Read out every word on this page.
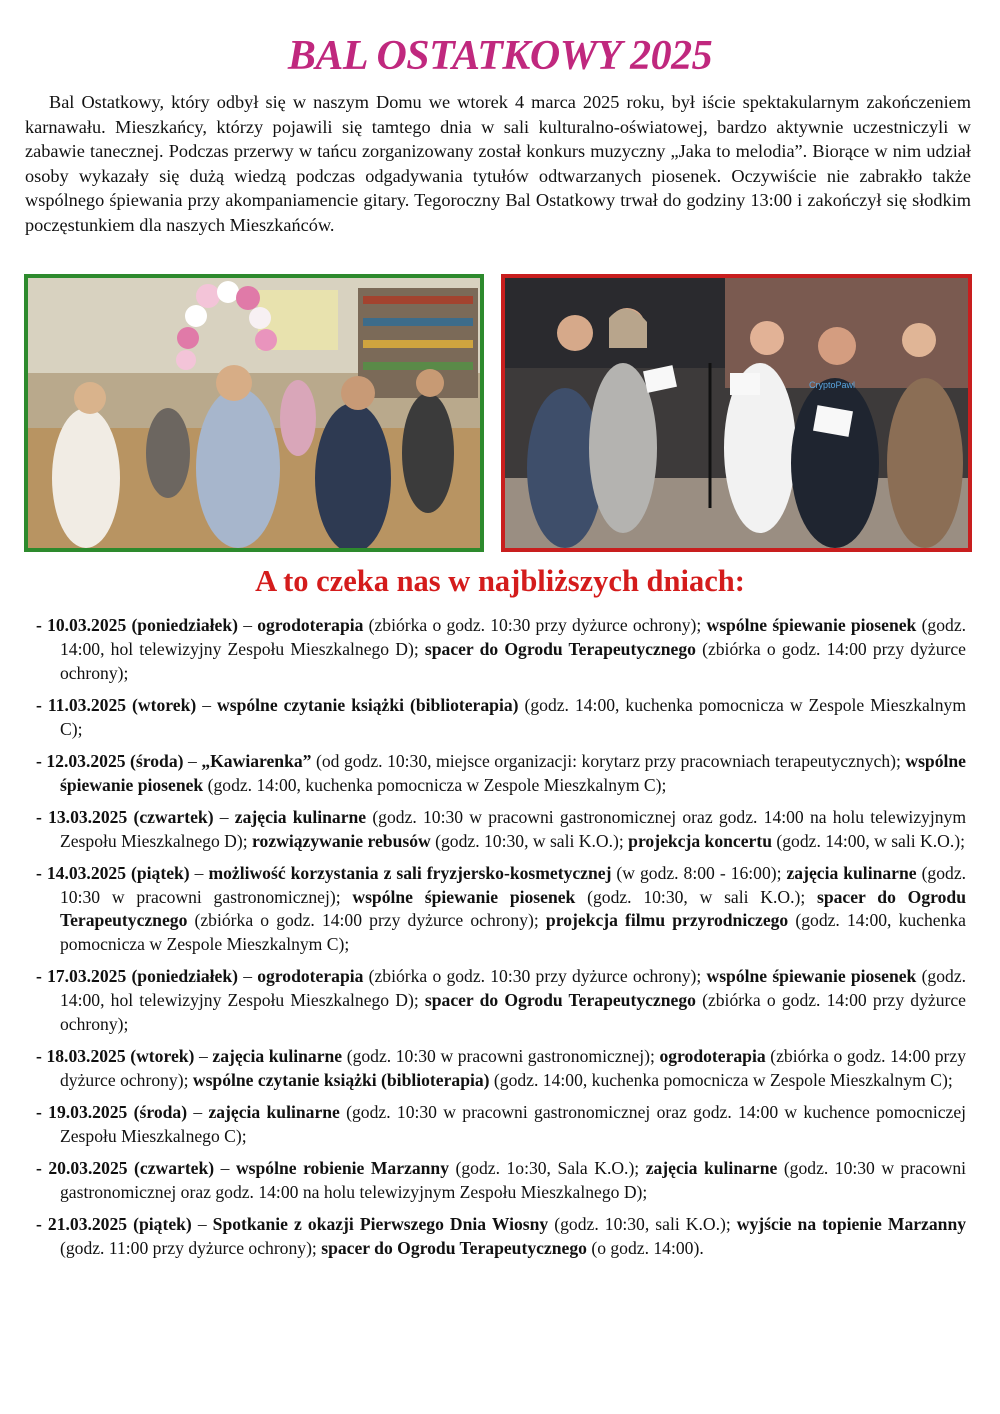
BAL OSTATKOWY 2025

Bal Ostatkowy, który odbył się w naszym Domu we wtorek 4 marca 2025 roku, był iście spektakularnym zakończeniem karnawału. Mieszkańcy, którzy pojawili się tamtego dnia w sali kulturalno-oświatowej, bardzo aktywnie uczestniczyli w zabawie tanecznej. Podczas przerwy w tańcu zorganizowany został konkurs muzyczny „Jaka to melodia”. Biorące w nim udział osoby wykazały się dużą wiedzą podczas odgadywania tytułów odtwarzanych piosenek. Oczywiście nie zabrakło także wspólnego śpiewania przy akompaniamencie gitary. Tegoroczny Bal Ostatkowy trwał do godziny 13:00 i zakończył się słodkim poczęstunkiem dla naszych Mieszkańców.

CryptoPawl
A to czeka nas w najbliższych dniach:
- 10.03.2025 (poniedziałek) – ogrodoterapia (zbiórka o godz. 10:30 przy dyżurce ochrony); wspólne śpiewanie piosenek (godz. 14:00, hol telewizyjny Zespołu Mieszkalnego D); spacer do Ogrodu Terapeutycznego (zbiórka o godz. 14:00 przy dyżurce ochrony);
- 11.03.2025 (wtorek) – wspólne czytanie książki (biblioterapia) (godz. 14:00, kuchenka pomocnicza w Zespole Mieszkalnym C);
- 12.03.2025 (środa) – „Kawiarenka” (od godz. 10:30, miejsce organizacji: korytarz przy pracowniach terapeutycznych); wspólne śpiewanie piosenek (godz. 14:00, kuchenka pomocnicza w Zespole Mieszkalnym C);
- 13.03.2025 (czwartek) – zajęcia kulinarne (godz. 10:30 w pracowni gastronomicznej oraz godz. 14:00 na holu telewizyjnym Zespołu Mieszkalnego D); rozwiązywanie rebusów (godz. 10:30, w sali K.O.); projekcja koncertu (godz. 14:00, w sali K.O.);
- 14.03.2025 (piątek) – możliwość korzystania z sali fryzjersko-kosmetycznej (w godz. 8:00 - 16:00); zajęcia kulinarne (godz. 10:30 w pracowni gastronomicznej); wspólne śpiewanie piosenek (godz. 10:30, w sali K.O.); spacer do Ogrodu Terapeutycznego (zbiórka o godz. 14:00 przy dyżurce ochrony); projekcja filmu przyrodniczego (godz. 14:00, kuchenka pomocnicza w Zespole Mieszkalnym C);
- 17.03.2025 (poniedziałek) – ogrodoterapia (zbiórka o godz. 10:30 przy dyżurce ochrony); wspólne śpiewanie piosenek (godz. 14:00, hol telewizyjny Zespołu Mieszkalnego D); spacer do Ogrodu Terapeutycznego (zbiórka o godz. 14:00 przy dyżurce ochrony);
- 18.03.2025 (wtorek) – zajęcia kulinarne (godz. 10:30 w pracowni gastronomicznej); ogrodoterapia (zbiórka o godz. 14:00 przy dyżurce ochrony); wspólne czytanie książki (biblioterapia) (godz. 14:00, kuchenka pomocnicza w Zespole Mieszkalnym C);
- 19.03.2025 (środa) – zajęcia kulinarne (godz. 10:30 w pracowni gastronomicznej oraz godz. 14:00 w kuchence pomocniczej Zespołu Mieszkalnego C);
- 20.03.2025 (czwartek) – wspólne robienie Marzanny (godz. 1o:30, Sala K.O.); zajęcia kulinarne (godz. 10:30 w pracowni gastronomicznej oraz godz. 14:00 na holu telewizyjnym Zespołu Mieszkalnego D);
- 21.03.2025 (piątek) – Spotkanie z okazji Pierwszego Dnia Wiosny (godz. 10:30, sali K.O.); wyjście na topienie Marzanny (godz. 11:00 przy dyżurce ochrony); spacer do Ogrodu Terapeutycznego (o godz. 14:00).
